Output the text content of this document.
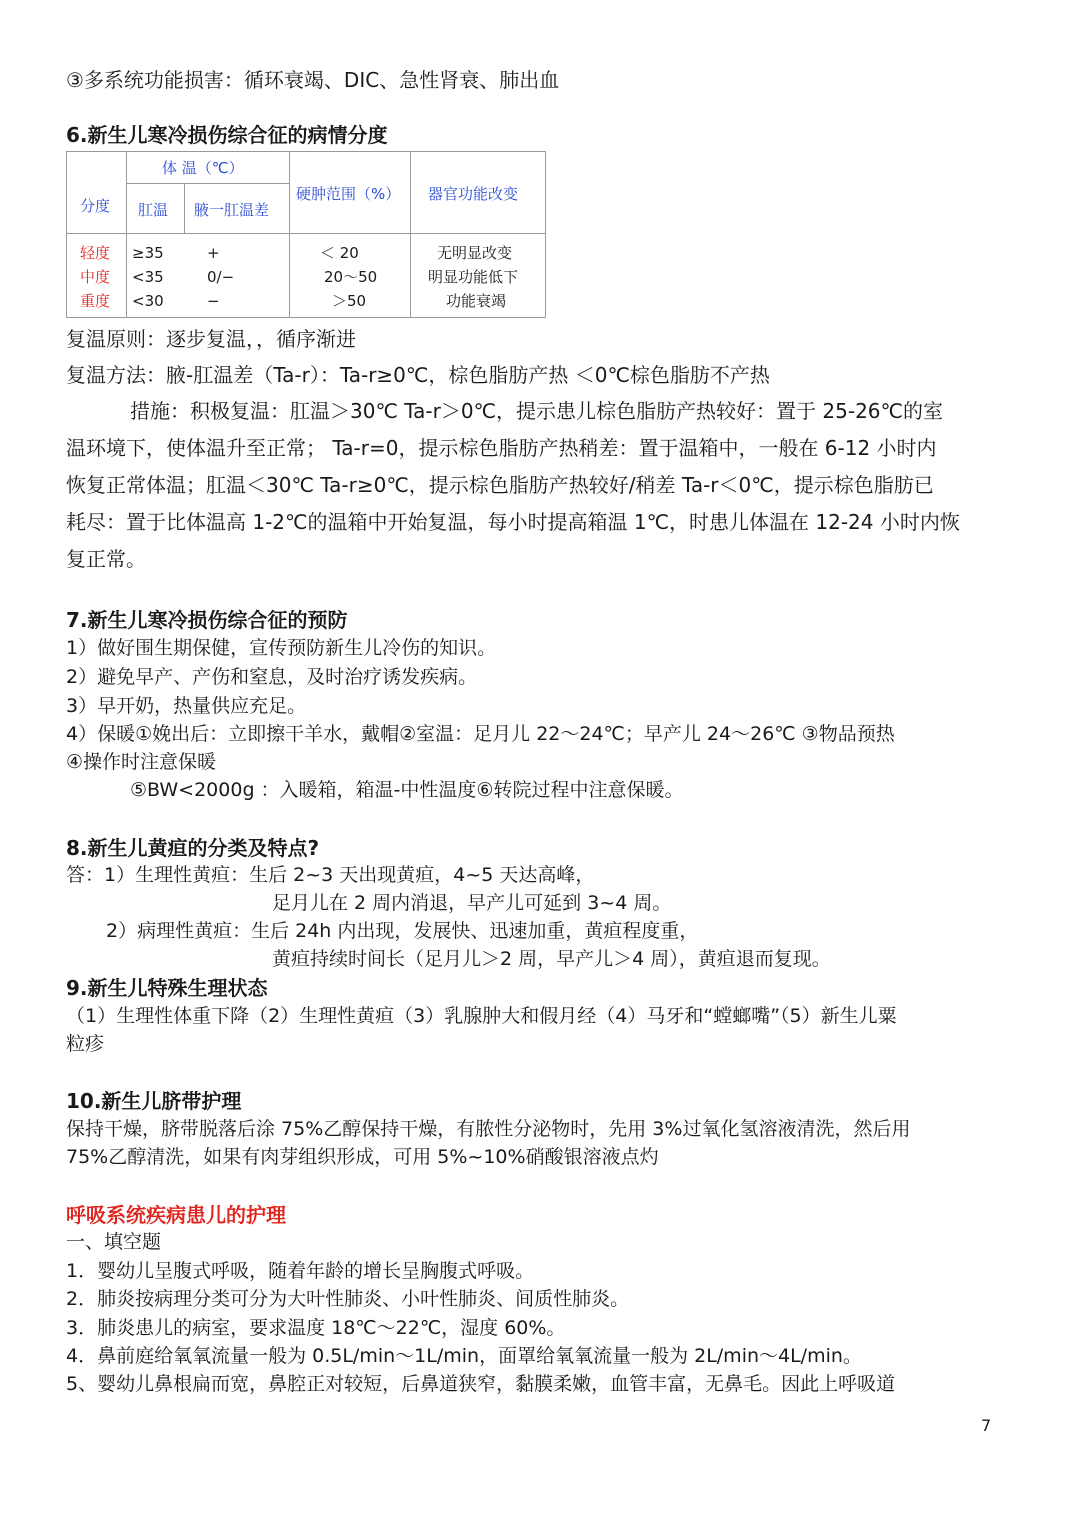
③多系统功能损害：循环衰竭、DIC、急性肾衰、肺出血
6.新生儿寒冷损伤综合征的病情分度
体 温（℃）
分度 肛温 腋一肛温差
硬肿范围（%） 器官功能改变
轻度 ≥35	+	＜ 20	无明显改变
中度 <35	0/−	20～50	明显功能低下
重度 <30	−	＞50	功能衰竭
复温原则：逐步复温，，循序渐进
复温方法：腋-肛温差（Ta-r）：Ta-r≥0℃，棕色脂肪产热 ＜0℃棕色脂肪不产热
措施：积极复温：肛温＞30℃ Ta-r＞0℃，提示患儿棕色脂肪产热较好：置于 25-26℃的室
温环境下，使体温升至正常； Ta-r=0，提示棕色脂肪产热稍差：置于温箱中，一般在 6-12 小时内
恢复正常体温；肛温＜30℃ Ta-r≥0℃，提示棕色脂肪产热较好/稍差 Ta-r＜0℃，提示棕色脂肪已
耗尽：置于比体温高 1-2℃的温箱中开始复温，每小时提高箱温 1℃，时患儿体温在 12-24 小时内恢
复正常。
7.新生儿寒冷损伤综合征的预防
1）做好围生期保健，宣传预防新生儿冷伤的知识。
2）避免早产、产伤和窒息，及时治疗诱发疾病。
3）早开奶，热量供应充足。
4）保暖①娩出后：立即擦干羊水，戴帽②室温：足月儿 22～24℃；早产儿 24～26℃ ③物品预热
④操作时注意保暖
⑤BW<2000g ：入暖箱，箱温-中性温度⑥转院过程中注意保暖。
8.新生儿黄疸的分类及特点?
答：1）生理性黄疸：生后 2~3 天出现黄疸，4~5 天达高峰，
足月儿在 2 周内消退，早产儿可延到 3~4 周。
2）病理性黄疸：生后 24h 内出现，发展快、迅速加重，黄疸程度重，
黄疸持续时间长（足月儿＞2 周，早产儿＞4 周），黄疸退而复现。
9.新生儿特殊生理状态
（1）生理性体重下降（2）生理性黄疸（3）乳腺肿大和假月经（4）马牙和“螳螂嘴”（5）新生儿粟
粒疹
10.新生儿脐带护理
保持干燥，脐带脱落后涂 75%乙醇保持干燥，有脓性分泌物时，先用 3%过氧化氢溶液清洗，然后用
75%乙醇清洗，如果有肉芽组织形成，可用 5%~10%硝酸银溶液点灼
呼吸系统疾病患儿的护理
一、填空题
1．婴幼儿呈腹式呼吸，随着年龄的增长呈胸腹式呼吸。
2．肺炎按病理分类可分为大叶性肺炎、小叶性肺炎、间质性肺炎。
3．肺炎患儿的病室，要求温度 18℃～22℃，湿度 60%。
4．鼻前庭给氧氧流量一般为 0.5L/min～1L/min，面罩给氧氧流量一般为 2L/min～4L/min。
5、婴幼儿鼻根扁而宽，鼻腔正对较短，后鼻道狭窄，黏膜柔嫩，血管丰富，无鼻毛。因此上呼吸道
7
